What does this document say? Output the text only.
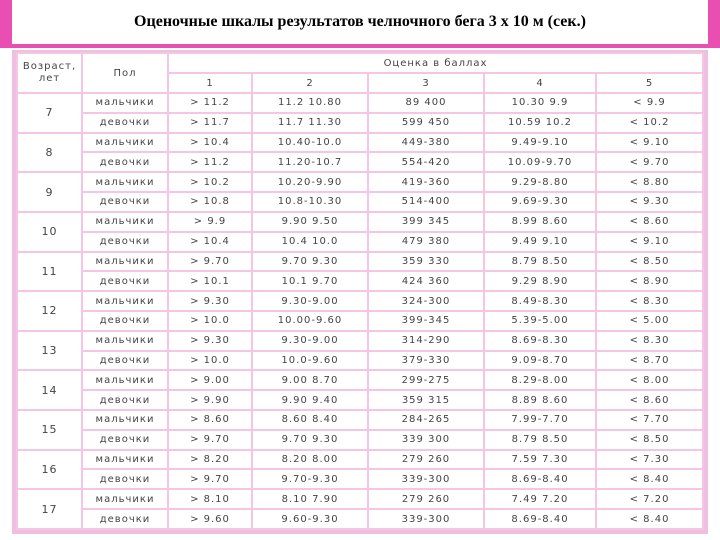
Оценочные шкалы результатов челночного бега 3 х 10 м (сек.)
Возраст, лет	Пол	Оценка в баллах				
		1	2	3	4	5
7	мальчики	> 11.2	11.2 10.80	89 400	10.30 9.9	< 9.9
	девочки	> 11.7	11.7 11.30	599 450	10.59 10.2	< 10.2
8	мальчики	> 10.4	10.40-10.0	449-380	9.49-9.10	< 9.10
	девочки	> 11.2	11.20-10.7	554-420	10.09-9.70	< 9.70
9	мальчики	> 10.2	10.20-9.90	419-360	9.29-8.80	< 8.80
	девочки	> 10.8	10.8-10.30	514-400	9.69-9.30	< 9.30
10	мальчики	> 9.9	9.90 9.50	399 345	8.99 8.60	< 8.60
	девочки	> 10.4	10.4 10.0	479 380	9.49 9.10	< 9.10
11	мальчики	> 9.70	9.70 9.30	359 330	8.79 8.50	< 8.50
	девочки	> 10.1	10.1 9.70	424 360	9.29 8.90	< 8.90
12	мальчики	> 9.30	9.30-9.00	324-300	8.49-8.30	< 8.30
	девочки	> 10.0	10.00-9.60	399-345	5.39-5.00	< 5.00
13	мальчики	> 9.30	9.30-9.00	314-290	8.69-8.30	< 8.30
	девочки	> 10.0	10.0-9.60	379-330	9.09-8.70	< 8.70
14	мальчики	> 9.00	9.00 8.70	299-275	8.29-8.00	< 8.00
	девочки	> 9.90	9.90 9.40	359 315	8.89 8.60	< 8.60
15	мальчики	> 8.60	8.60 8.40	284-265	7.99-7.70	< 7.70
	девочки	> 9.70	9.70 9.30	339 300	8.79 8.50	< 8.50
16	мальчики	> 8.20	8.20 8.00	279 260	7.59 7.30	< 7.30
	девочки	> 9.70	9.70-9.30	339-300	8.69-8.40	< 8.40
17	мальчики	> 8.10	8.10 7.90	279 260	7.49 7.20	< 7.20
	девочки	> 9.60	9.60-9.30	339-300	8.69-8.40	< 8.40
